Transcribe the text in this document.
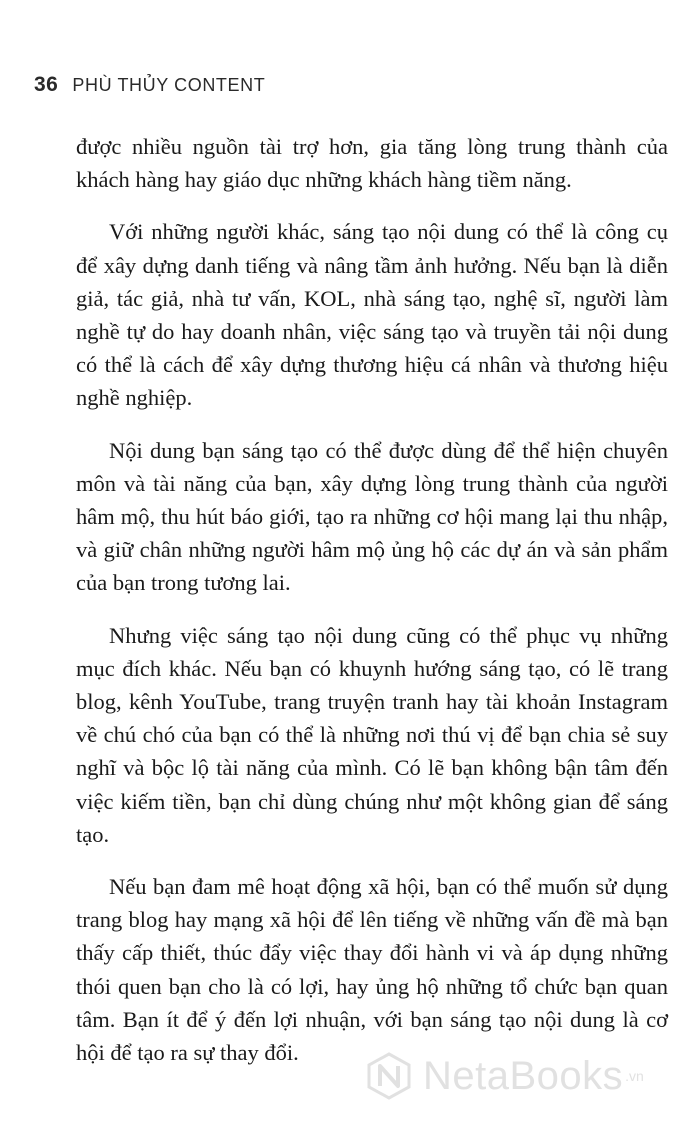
36 PHÙ THỦY CONTENT

được nhiều nguồn tài trợ hơn, gia tăng lòng trung thành của khách hàng hay giáo dục những khách hàng tiềm năng.

Với những người khác, sáng tạo nội dung có thể là công cụ để xây dựng danh tiếng và nâng tầm ảnh hưởng. Nếu bạn là diễn giả, tác giả, nhà tư vấn, KOL, nhà sáng tạo, nghệ sĩ, người làm nghề tự do hay doanh nhân, việc sáng tạo và truyền tải nội dung có thể là cách để xây dựng thương hiệu cá nhân và thương hiệu nghề nghiệp.

Nội dung bạn sáng tạo có thể được dùng để thể hiện chuyên môn và tài năng của bạn, xây dựng lòng trung thành của người hâm mộ, thu hút báo giới, tạo ra những cơ hội mang lại thu nhập, và giữ chân những người hâm mộ ủng hộ các dự án và sản phẩm của bạn trong tương lai.

Nhưng việc sáng tạo nội dung cũng có thể phục vụ những mục đích khác. Nếu bạn có khuynh hướng sáng tạo, có lẽ trang blog, kênh YouTube, trang truyện tranh hay tài khoản Instagram về chú chó của bạn có thể là những nơi thú vị để bạn chia sẻ suy nghĩ và bộc lộ tài năng của mình. Có lẽ bạn không bận tâm đến việc kiếm tiền, bạn chỉ dùng chúng như một không gian để sáng tạo.

Nếu bạn đam mê hoạt động xã hội, bạn có thể muốn sử dụng trang blog hay mạng xã hội để lên tiếng về những vấn đề mà bạn thấy cấp thiết, thúc đẩy việc thay đổi hành vi và áp dụng những thói quen bạn cho là có lợi, hay ủng hộ những tổ chức bạn quan tâm. Bạn ít để ý đến lợi nhuận, với bạn sáng tạo nội dung là cơ hội để tạo ra sự thay đổi.

NetaBooks .vn
